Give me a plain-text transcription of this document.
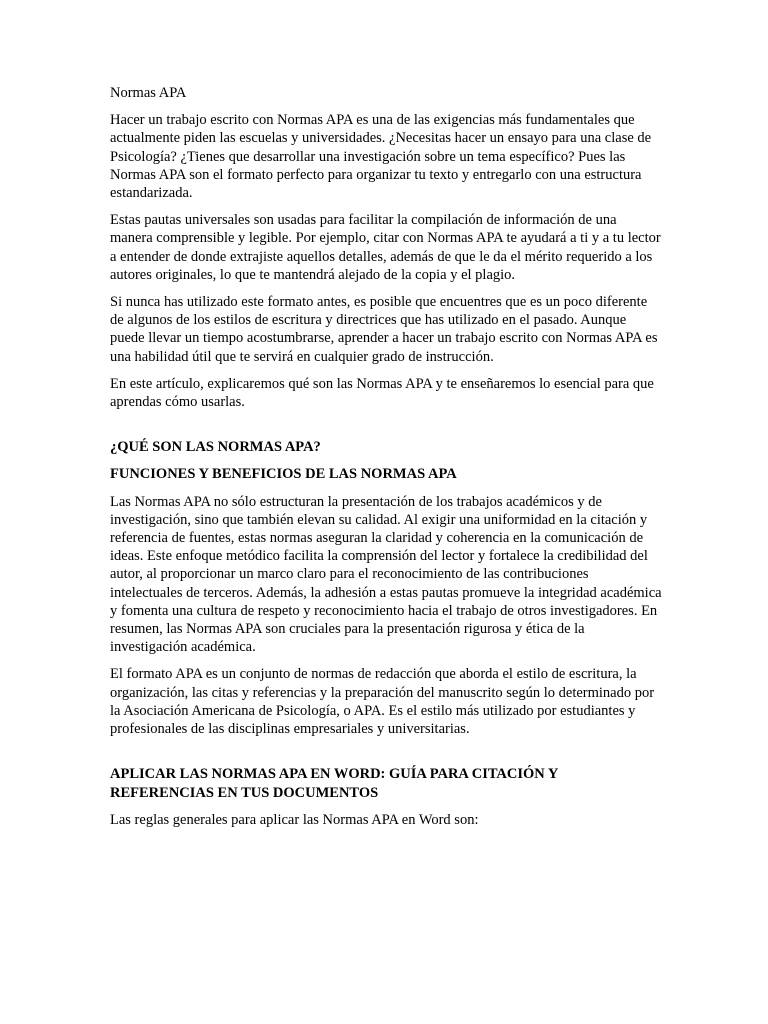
Normas APA

Hacer un trabajo escrito con Normas APA es una de las exigencias más fundamentales que actualmente piden las escuelas y universidades. ¿Necesitas hacer un ensayo para una clase de Psicología? ¿Tienes que desarrollar una investigación sobre un tema específico? Pues las Normas APA son el formato perfecto para organizar tu texto y entregarlo con una estructura estandarizada.

Estas pautas universales son usadas para facilitar la compilación de información de una manera comprensible y legible. Por ejemplo, citar con Normas APA te ayudará a ti y a tu lector a entender de donde extrajiste aquellos detalles, además de que le da el mérito requerido a los autores originales, lo que te mantendrá alejado de la copia y el plagio.

Si nunca has utilizado este formato antes, es posible que encuentres que es un poco diferente de algunos de los estilos de escritura y directrices que has utilizado en el pasado. Aunque puede llevar un tiempo acostumbrarse, aprender a hacer un trabajo escrito con Normas APA es una habilidad útil que te servirá en cualquier grado de instrucción.

En este artículo, explicaremos qué son las Normas APA y te enseñaremos lo esencial para que aprendas cómo usarlas.

¿QUÉ SON LAS NORMAS APA?

FUNCIONES Y BENEFICIOS DE LAS NORMAS APA

Las Normas APA no sólo estructuran la presentación de los trabajos académicos y de investigación, sino que también elevan su calidad. Al exigir una uniformidad en la citación y referencia de fuentes, estas normas aseguran la claridad y coherencia en la comunicación de ideas. Este enfoque metódico facilita la comprensión del lector y fortalece la credibilidad del autor, al proporcionar un marco claro para el reconocimiento de las contribuciones intelectuales de terceros. Además, la adhesión a estas pautas promueve la integridad académica y fomenta una cultura de respeto y reconocimiento hacia el trabajo de otros investigadores. En resumen, las Normas APA son cruciales para la presentación rigurosa y ética de la investigación académica.

El formato APA es un conjunto de normas de redacción que aborda el estilo de escritura, la organización, las citas y referencias y la preparación del manuscrito según lo determinado por la Asociación Americana de Psicología, o APA. Es el estilo más utilizado por estudiantes y profesionales de las disciplinas empresariales y universitarias.

APLICAR LAS NORMAS APA EN WORD: GUÍA PARA CITACIÓN Y REFERENCIAS EN TUS DOCUMENTOS

Las reglas generales para aplicar las Normas APA en Word son:
